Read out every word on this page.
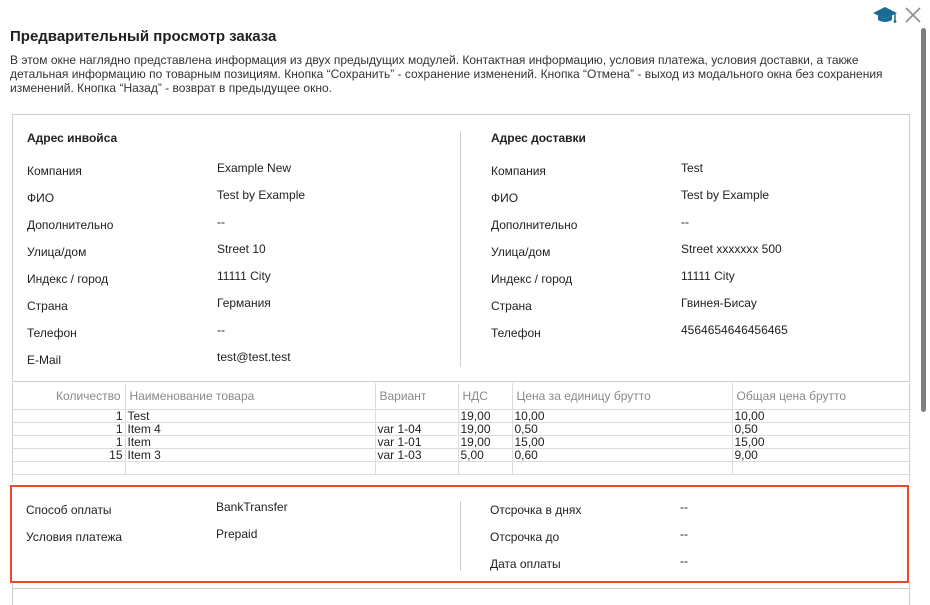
Предварительный просмотр заказа
В этом окне наглядно представлена информация из двух предыдущих модулей. Контактная информацию, условия платежа, условия доставки, а также детальная информацию по товарным позициям. Кнопка “Сохранить” - сохранение изменений. Кнопка “Отмена” - выход из модального окна без сохранения изменений. Кнопка “Назад” - возврат в предыдущее окно.
Адрес инвойса
Компания	Example New
ФИО	Test by Example
Дополнительно	--
Улица/дом	Street 10
Индекс / город	11111 City
Страна	Германия
Телефон	--
E-Mail	test@test.test
Адрес доставки
Компания	Test
ФИО	Test by Example
Дополнительно	--
Улица/дом	Street xxxxxxx 500
Индекс / город	11111 City
Страна	Гвинея-Бисау
Телефон	4564654646456465
Количество	Наименование товара	Вариант	НДС	Цена за единицу брутто	Общая цена брутто
1	Test		19,00	10,00	10,00
1	Item 4	var 1-04	19,00	0,50	0,50
1	Item	var 1-01	19,00	15,00	15,00
15	Item 3	var 1-03	5,00	0,60	9,00

Способ оплаты	BankTransfer
Условия платежа	Prepaid
Отсрочка в днях	--
Отсрочка до	--
Дата оплаты	--
